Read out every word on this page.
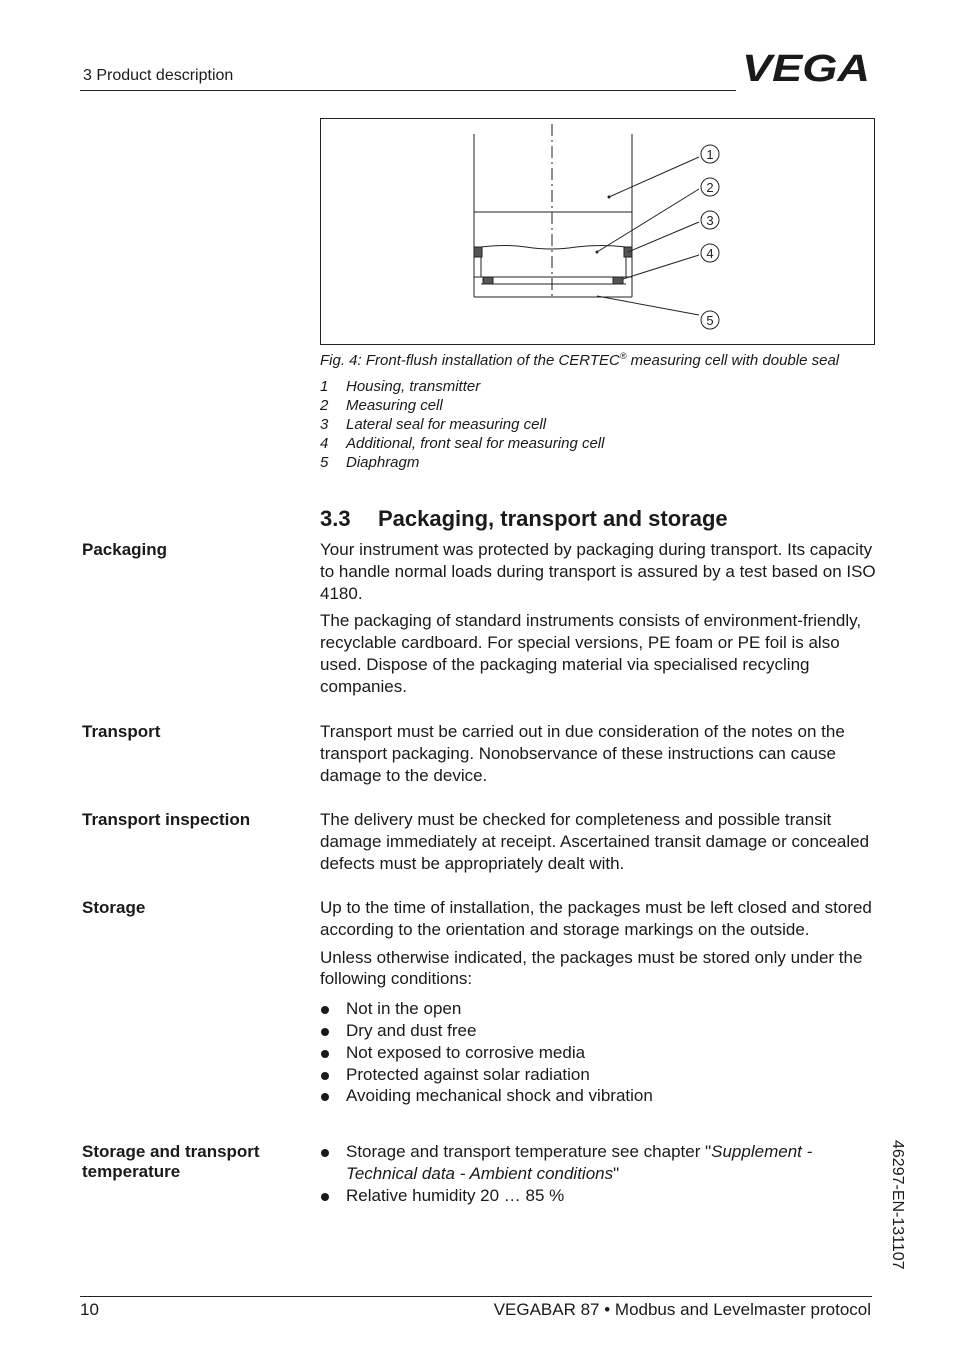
3 Product description	VEGA
1
2
3
4
5
Fig. 4: Front-flush installation of the CERTEC® measuring cell with double seal
1 Housing, transmitter
2 Measuring cell
3 Lateral seal for measuring cell
4 Additional, front seal for measuring cell
5 Diaphragm
3.3 Packaging, transport and storage
Packaging	Your instrument was protected by packaging during transport. Its capacity to handle normal loads during transport is assured by a test based on ISO 4180.

The packaging of standard instruments consists of environment-friendly, recyclable cardboard. For special versions, PE foam or PE foil is also used. Dispose of the packaging material via specialised recycling companies.

Transport	Transport must be carried out in due consideration of the notes on the transport packaging. Nonobservance of these instructions can cause damage to the device.

Transport inspection	The delivery must be checked for completeness and possible transit damage immediately at receipt. Ascertained transit damage or concealed defects must be appropriately dealt with.

Storage	Up to the time of installation, the packages must be left closed and stored according to the orientation and storage markings on the outside.

Unless otherwise indicated, the packages must be stored only under the following conditions:

Not in the open
Dry and dust free
Not exposed to corrosive media
Protected against solar radiation
Avoiding mechanical shock and vibration
Storage and transport temperature
Storage and transport temperature see chapter "Supplement - Technical data - Ambient conditions"
Relative humidity 20 … 85 %	46297-EN-131107
10	VEGABAR 87 • Modbus and Levelmaster protocol
